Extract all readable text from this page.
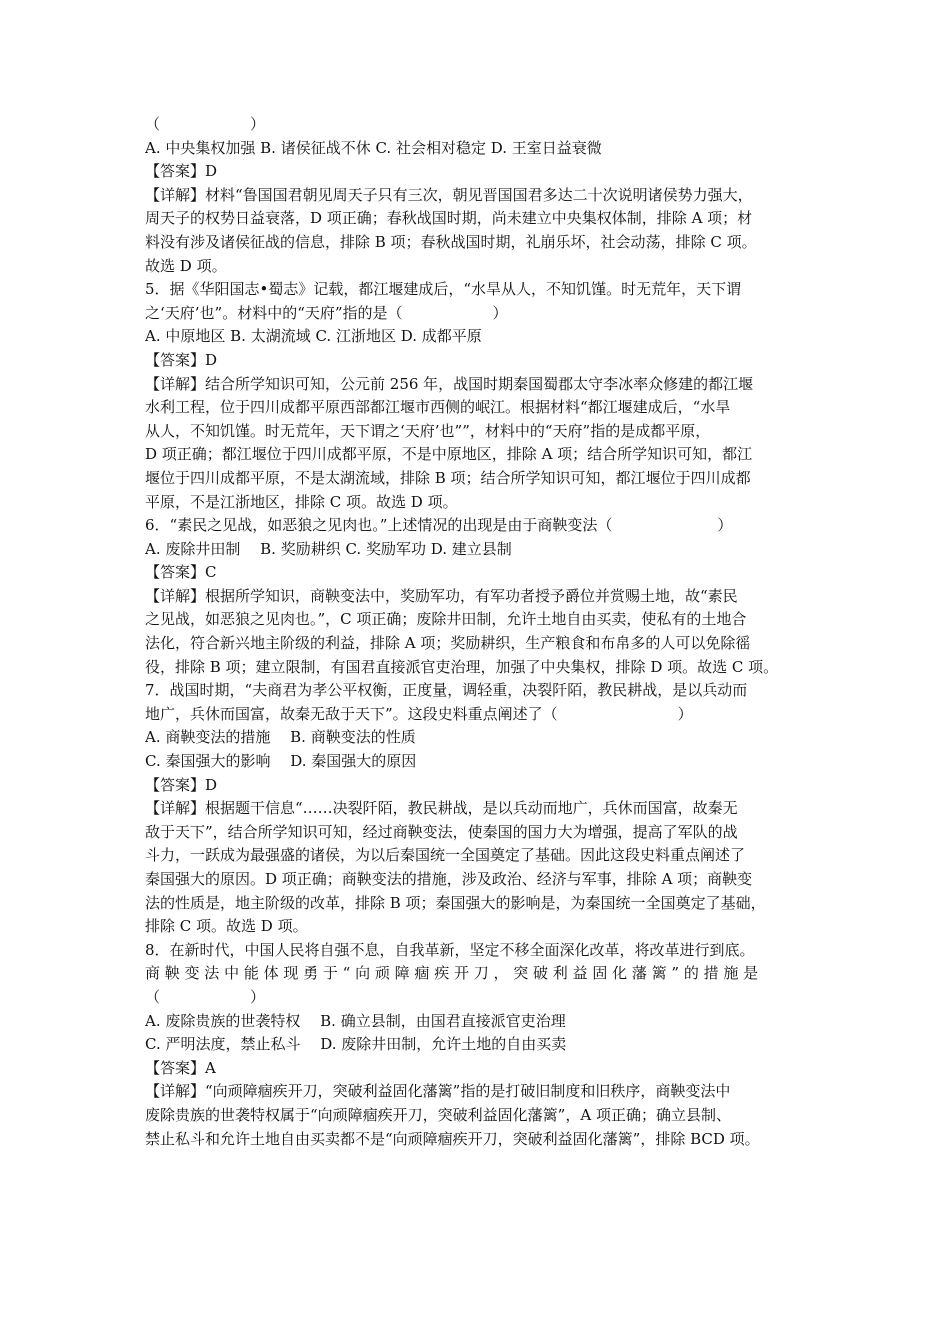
（　　　　　　）
A. 中央集权加强 B. 诸侯征战不休 C. 社会相对稳定 D. 王室日益衰微
【答案】D
【详解】材料“鲁国国君朝见周天子只有三次，朝见晋国国君多达二十次说明诸侯势力强大，
周天子的权势日益衰落，D 项正确；春秋战国时期，尚未建立中央集权体制，排除 A 项；材
料没有涉及诸侯征战的信息，排除 B 项；春秋战国时期，礼崩乐坏，社会动荡，排除 C 项。
故选 D 项。
5．据《华阳国志•蜀志》记载，都江堰建成后，“水旱从人，不知饥馑。时无荒年，天下谓
之‘天府’也”。材料中的“天府”指的是（　　　　　　）
A. 中原地区 B. 太湖流域 C. 江浙地区 D. 成都平原
【答案】D
【详解】结合所学知识可知，公元前 256 年，战国时期秦国蜀郡太守李冰率众修建的都江堰
水利工程，位于四川成都平原西部都江堰市西侧的岷江。根据材料“都江堰建成后，“水旱
从人，不知饥馑。时无荒年，天下谓之‘天府’也””，材料中的“天府”指的是成都平原，
D 项正确；都江堰位于四川成都平原，不是中原地区，排除 A 项；结合所学知识可知，都江
堰位于四川成都平原，不是太湖流域，排除 B 项；结合所学知识可知，都江堰位于四川成都
平原，不是江浙地区，排除 C 项。故选 D 项。
6．“素民之见战，如恶狼之见肉也。”上述情况的出现是由于商鞅变法（　　　　　　　）
A. 废除井田制　 B. 奖励耕织 C. 奖励军功 D. 建立县制
【答案】C
【详解】根据所学知识，商鞅变法中，奖励军功，有军功者授予爵位并赏赐土地，故“素民
之见战，如恶狼之见肉也。”，C 项正确；废除井田制，允许土地自由买卖，使私有的土地合
法化，符合新兴地主阶级的利益，排除 A 项；奖励耕织，生产粮食和布帛多的人可以免除徭
役，排除 B 项；建立限制，有国君直接派官吏治理，加强了中央集权，排除 D 项。故选 C 项。
7．战国时期，“夫商君为孝公平权衡，正度量，调轻重，决裂阡陌，教民耕战，是以兵动而
地广，兵休而国富，故秦无敌于天下”。这段史料重点阐述了（　　　　　　　　）
A. 商鞅变法的措施　 B. 商鞅变法的性质
C. 秦国强大的影响　 D. 秦国强大的原因
【答案】D
【详解】根据题干信息“……决裂阡陌，教民耕战，是以兵动而地广，兵休而国富，故秦无
敌于天下”，结合所学知识可知，经过商鞅变法，使秦国的国力大为增强，提高了军队的战
斗力，一跃成为最强盛的诸侯，为以后秦国统一全国奠定了基础。因此这段史料重点阐述了
秦国强大的原因。D 项正确；商鞅变法的措施，涉及政治、经济与军事，排除 A 项；商鞅变
法的性质是，地主阶级的改革，排除 B 项；秦国强大的影响是，为秦国统一全国奠定了基础，
排除 C 项。故选 D 项。
8．在新时代，中国人民将自强不息，自我革新，坚定不移全面深化改革，将改革进行到底。
商 鞅 变 法 中 能 体 现 勇 于 “ 向 顽 障 痼 疾 开 刀 ， 突 破 利 益 固 化 藩 篱 ” 的 措 施 是
（　　　　　　）
A. 废除贵族的世袭特权　 B. 确立县制，由国君直接派官吏治理
C. 严明法度，禁止私斗　 D. 废除井田制，允许土地的自由买卖
【答案】A
【详解】“向顽障痼疾开刀，突破利益固化藩篱”指的是打破旧制度和旧秩序，商鞅变法中
废除贵族的世袭特权属于“向顽障痼疾开刀，突破利益固化藩篱”，A 项正确；确立县制、
禁止私斗和允许土地自由买卖都不是“向顽障痼疾开刀，突破利益固化藩篱”，排除 BCD 项。
